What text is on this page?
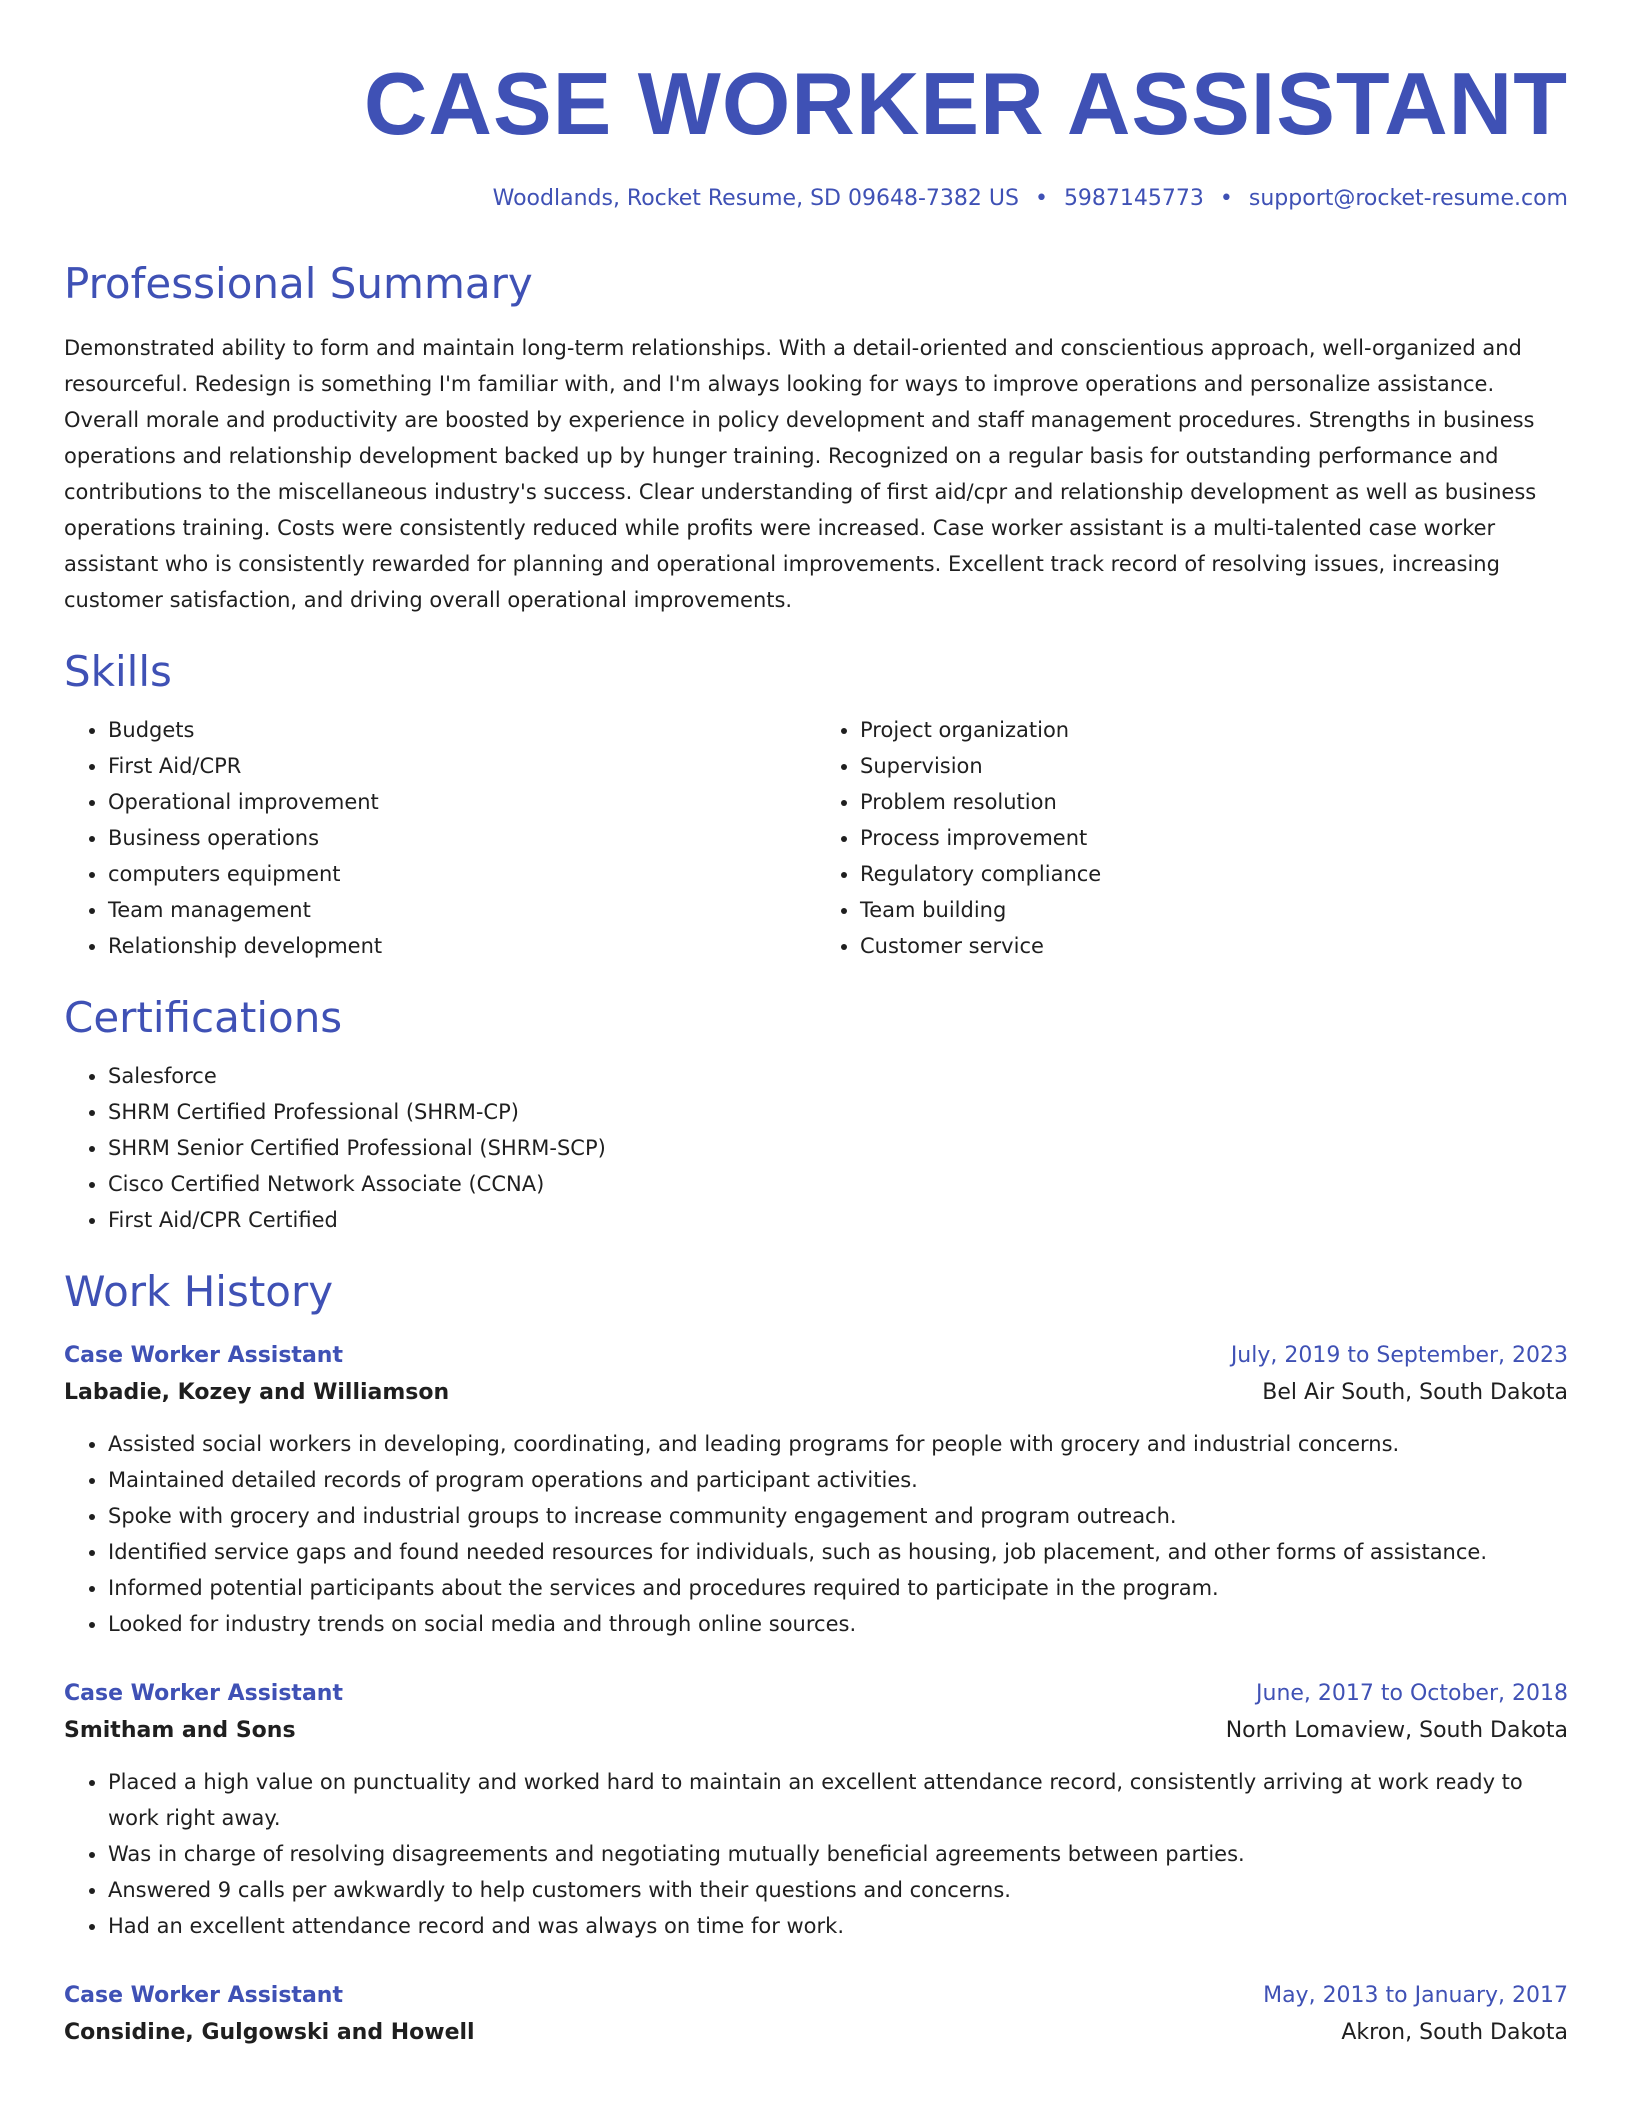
CASE WORKER ASSISTANT
Woodlands, Rocket Resume, SD 09648-7382 US • 5987145773 • support@rocket-resume.com
Professional Summary

Demonstrated ability to form and maintain long-term relationships. With a detail-oriented and conscientious approach, well-organized and resourceful. Redesign is something I'm familiar with, and I'm always looking for ways to improve operations and personalize assistance. Overall morale and productivity are boosted by experience in policy development and staff management procedures. Strengths in business operations and relationship development backed up by hunger training. Recognized on a regular basis for outstanding performance and contributions to the miscellaneous industry's success. Clear understanding of first aid/cpr and relationship development as well as business operations training. Costs were consistently reduced while profits were increased. Case worker assistant is a multi-talented case worker assistant who is consistently rewarded for planning and operational improvements. Excellent track record of resolving issues, increasing customer satisfaction, and driving overall operational improvements.

Skills
• Budgets
• First Aid/CPR
• Operational improvement
• Business operations
• computers equipment
• Team management
• Relationship development
• Project organization
• Supervision
• Problem resolution
• Process improvement
• Regulatory compliance
• Team building
• Customer service
Certifications
• Salesforce
• SHRM Certified Professional (SHRM-CP)
• SHRM Senior Certified Professional (SHRM-SCP)
• Cisco Certified Network Associate (CCNA)
• First Aid/CPR Certified
Work History
Case Worker Assistant	July, 2019 to September, 2023
Labadie, Kozey and Williamson	Bel Air South, South Dakota
• Assisted social workers in developing, coordinating, and leading programs for people with grocery and industrial concerns.
• Maintained detailed records of program operations and participant activities.
• Spoke with grocery and industrial groups to increase community engagement and program outreach.
• Identified service gaps and found needed resources for individuals, such as housing, job placement, and other forms of assistance.
• Informed potential participants about the services and procedures required to participate in the program.
• Looked for industry trends on social media and through online sources.
Case Worker Assistant	June, 2017 to October, 2018
Smitham and Sons	North Lomaview, South Dakota
• Placed a high value on punctuality and worked hard to maintain an excellent attendance record, consistently arriving at work ready to work right away.
• Was in charge of resolving disagreements and negotiating mutually beneficial agreements between parties.
• Answered 9 calls per awkwardly to help customers with their questions and concerns.
• Had an excellent attendance record and was always on time for work.
Case Worker Assistant	May, 2013 to January, 2017
Considine, Gulgowski and Howell	Akron, South Dakota
